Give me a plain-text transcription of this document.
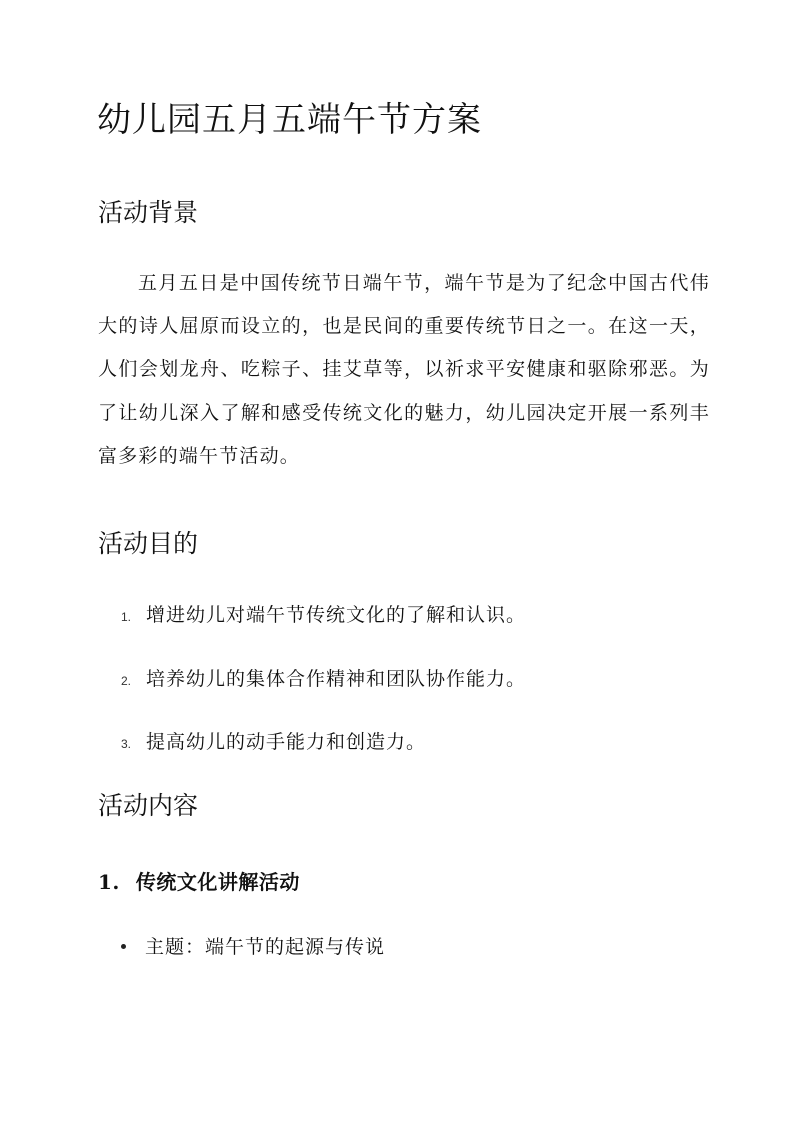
幼儿园五月五端午节方案
活动背景

五月五日是中国传统节日端午节，端午节是为了纪念中国古代伟大的诗人屈原而设立的，也是民间的重要传统节日之一。在这一天，人们会划龙舟、吃粽子、挂艾草等，以祈求平安健康和驱除邪恶。为了让幼儿深入了解和感受传统文化的魅力，幼儿园决定开展一系列丰富多彩的端午节活动。

活动目的
1. 增进幼儿对端午节传统文化的了解和认识。
2. 培养幼儿的集体合作精神和团队协作能力。
3. 提高幼儿的动手能力和创造力。
活动内容
1. 传统文化讲解活动
主题：端午节的起源与传说
